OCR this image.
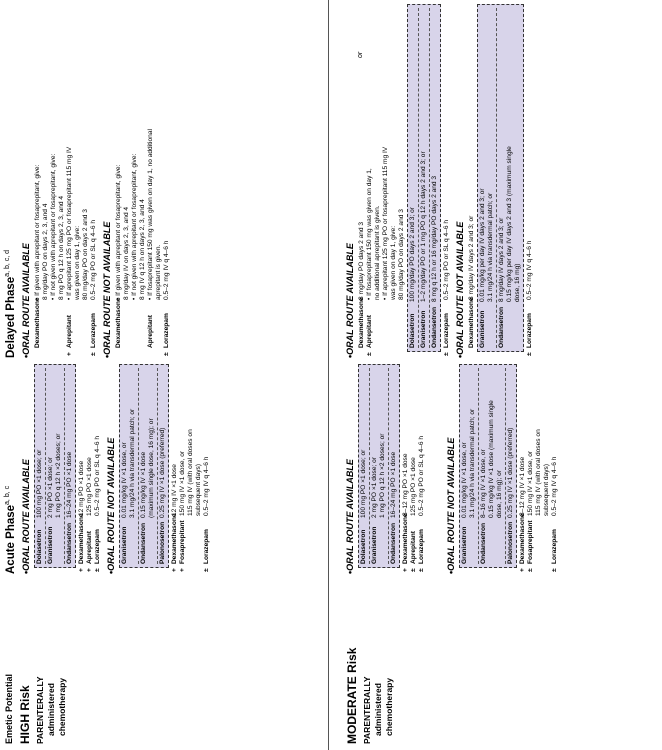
Emetic Potential HIGH Risk PARENTERALLY administered chemotherapy
Acute Phase$^{a, b, c}$	• ORAL ROUTE AVAILABLE Dolasetron
100 mg PO ×1 dose; or
Granisetron
2 mg PO ×1 dose; or 1 mg PO q 12 h ×2 doses; or
Ondansetron
16–24 mg PO ×1 dose
+
Dexamethasone
12 mg PO ×1 dose
+
Aprepitant
125 mg PO ×1 dose
±
Lorazepam
0.5–2 mg PO or SL q 4–6 h • ORAL ROUTE NOT AVAILABLE Granisetron
0.01 mg/kg IV ×1 dose, or 3.1 mg/24 h via transdermal patch; or
Ondansetron
0.15 mg/kg IV ×1 dose (maximum single dose, 16 mg); or
Palonosetron
0.25 mg IV ×1 dose (preferred)
+
Dexamethasone
12 mg IV ×1 dose
+
Fosaprepitant
150 mg IV ×1 dose, or 115 mg IV (with oral doses on subsequent days)
±
Lorazepam
0.5–2 mg IV q 4–6 h
Delayed Phase$^{a, b, c, d}$	• ORAL ROUTE AVAILABLE Dexamethasone
• If given with aprepitant or fosaprepitant, give: 8 mg/day PO on days 2, 3, and 4 • If not given with aprepitant or fosaprepitant, give: 8 mg PO q 12 h on days 2, 3, and 4
+
Aprepitant
• If aprepitant 125 mg PO or fosaprepitant 115 mg IV was given on day 1, give: 80 mg/day PO on days 2 and 3
±
Lorazepam
0.5–2 mg PO or SL q 4–6 h • ORAL ROUTE NOT AVAILABLE Dexamethasone
• If given with aprepitant or fosaprepitant, give: 8 mg/day IV on days 2, 3, and 4 • If not given with aprepitant or fosaprepitant, give: 8 mg IV q 12 h on days 2, 3, and 4
Aprepitant
• If fosaprepitant 150 mg was given on day 1, no additional aprepitant is given.
±
Lorazepam
0.5–2 mg IV q 4–6 h
MODERATE Risk PARENTERALLY administered chemotherapy
• ORAL ROUTE AVAILABLE Dolasetron
100 mg PO ×1 dose; or
Granisetron
2 mg PO ×1 dose; or 1 mg PO q 12 h ×2 doses; or
Ondansetron
16–24 mg PO ×1 dose
+
Dexamethasone
8–12 mg PO ×1 dose
±
Aprepitant
125 mg PO ×1 dose
±
Lorazepam
0.5–2 mg PO or SL q 4–6 h • ORAL ROUTE NOT AVAILABLE Granisetron
0.01 mg/kg IV ×1 dose, or 3.1 mg/24 h via transdermal patch; or
Ondansetron
8–16 mg IV ×1 dose, or 0.15 mg/kg IV ×1 dose (maximum single dose, 16 mg); or
Palonosetron
0.25 mg IV ×1 dose (preferred)
+
Dexamethasone
8–12 mg IV ×1 dose
±
Fosaprepitant
150 mg IV ×1 dose, or 115 mg IV (with oral doses on subsequent days)
±
Lorazepam
0.5–2 mg IV q 4–6 h
• ORAL ROUTE AVAILABLE Dexamethasone
8 mg/day PO days 2 and 3
±
Aprepitant
• If fosaprepitant 150 mg was given on day 1, no additional aprepitant is given. • If aprepitant 125 mg PO or fosaprepitant 115 mg IV was given on day 1, give: 80 mg/day PO on days 2 and 3
or
Dolasetron
100 mg/day PO days 2 and 3; or
Granisetron
1–2 mg/day PO or 1 mg PO q 12 h days 2 and 3; or
Ondansetron
8 mg q 12 h or 16 mg/day PO days 2 and 3
±
Lorazepam
0.5–2 mg PO or SL q 4–6 h • ORAL ROUTE NOT AVAILABLE Dexamethasone
8 mg/day IV days 2 and 3; or
Granisetron
0.01 mg/kg per day IV days 2 and 3; or 3.1 mg/24 h via transdermal patch; or
Ondansetron
8 mg/day IV days 2 and 3; or 0.15 mg/kg per day IV days 2 and 3 (maximum single dose, 16 mg)
±
Lorazepam
0.5–2 mg IV q 4–6 h
